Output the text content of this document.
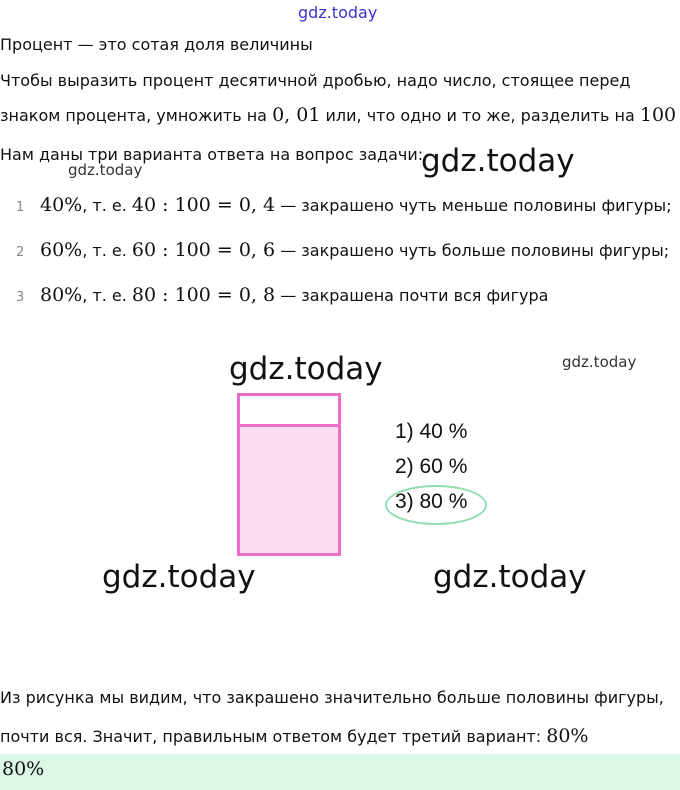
gdz.today
Процент — это сотая доля величины
Чтобы выразить процент десятичной дробью, надо число, стоящее перед
знаком процента, умножить на 0, 01 или, что одно и то же, разделить на 100
Нам даны три варианта ответа на вопрос задачи:
gdz.today
gdz.today
1 40%, т. е. 40 : 100 = 0, 4 — закрашено чуть меньше половины фигуры;
2 60%, т. е. 60 : 100 = 0, 6 — закрашено чуть больше половины фигуры;
3 80%, т. е. 80 : 100 = 0, 8 — закрашена почти вся фигура
gdz.today	gdz.today
1) 40 %
2) 60 %
3) 80 %
gdz.today	gdz.today
Из рисунка мы видим, что закрашено значительно больше половины фигуры,
почти вся. Значит, правильным ответом будет третий вариант: 80%
80%
